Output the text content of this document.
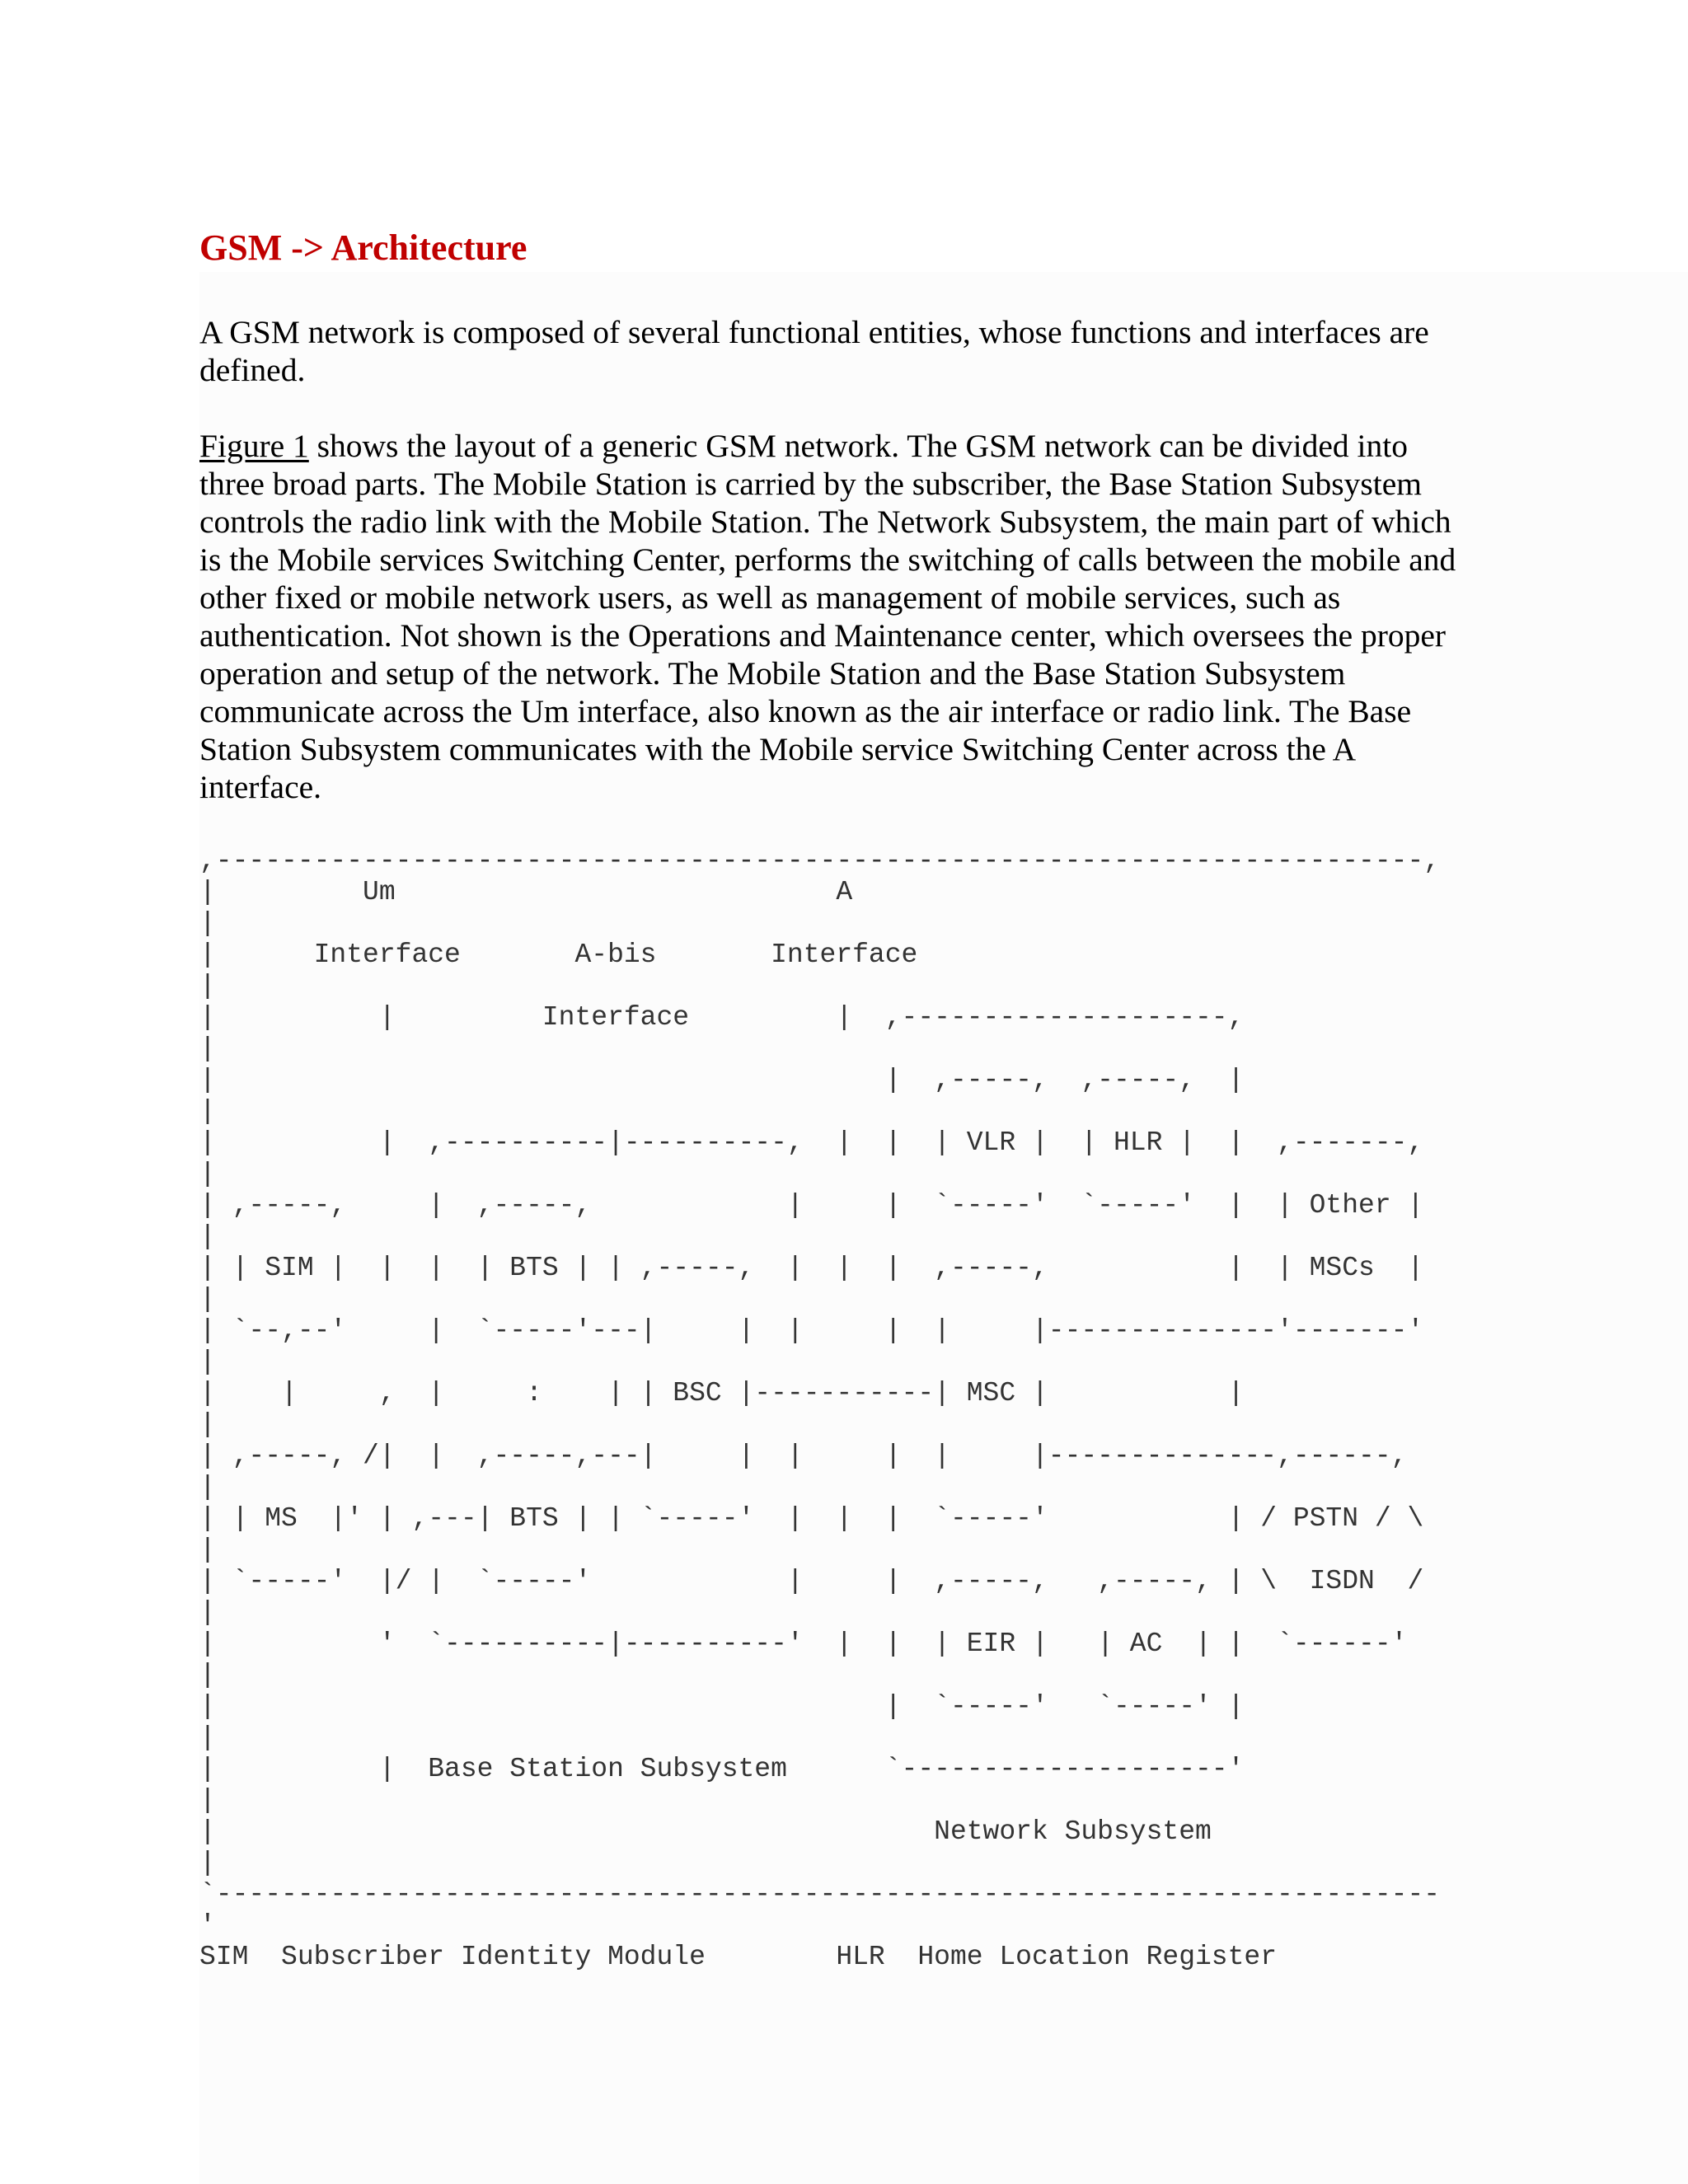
GSM -> Architecture

A GSM network is composed of several functional entities, whose functions and interfaces are
defined.

Figure 1 shows the layout of a generic GSM network. The GSM network can be divided into
three broad parts. The Mobile Station is carried by the subscriber, the Base Station Subsystem
controls the radio link with the Mobile Station. The Network Subsystem, the main part of which
is the Mobile services Switching Center, performs the switching of calls between the mobile and
other fixed or mobile network users, as well as management of mobile services, such as
authentication. Not shown is the Operations and Maintenance center, which oversees the proper
operation and setup of the network. The Mobile Station and the Base Station Subsystem
communicate across the Um interface, also known as the air interface or radio link. The Base
Station Subsystem communicates with the Mobile service Switching Center across the A
interface.

,--------------------------------------------------------------------------,
|         Um                           A
|
|      Interface       A-bis       Interface
|
|          |         Interface         |  ,--------------------,
|
|                                         |  ,-----,  ,-----,  |
|
|          |  ,----------|----------,  |  |  | VLR |  | HLR |  |  ,-------,
|
| ,-----,     |  ,-----,            |     |  `-----'  `-----'  |  | Other |
|
| | SIM |  |  |  | BTS | | ,-----,  |  |  |  ,-----,           |  | MSCs  |
|
| `--,--'     |  `-----'---|     |  |     |  |     |--------------'-------'
|
|    |     ,  |     :    | | BSC |-----------| MSC |           |
|
| ,-----, /|  |  ,-----,---|     |  |     |  |     |--------------,------,
|
| | MS  |' | ,---| BTS | | `-----'  |  |  |  `-----'           | / PSTN / \
|
| `-----'  |/ |  `-----'            |     |  ,-----,   ,-----, | \  ISDN  /
|
|          '  `----------|----------'  |  |  | EIR |   | AC  | |  `------'
|
|                                         |  `-----'   `-----' |
|
|          |  Base Station Subsystem      `--------------------'
|
|                                            Network Subsystem
|
`---------------------------------------------------------------------------
'
SIM  Subscriber Identity Module        HLR  Home Location Register
